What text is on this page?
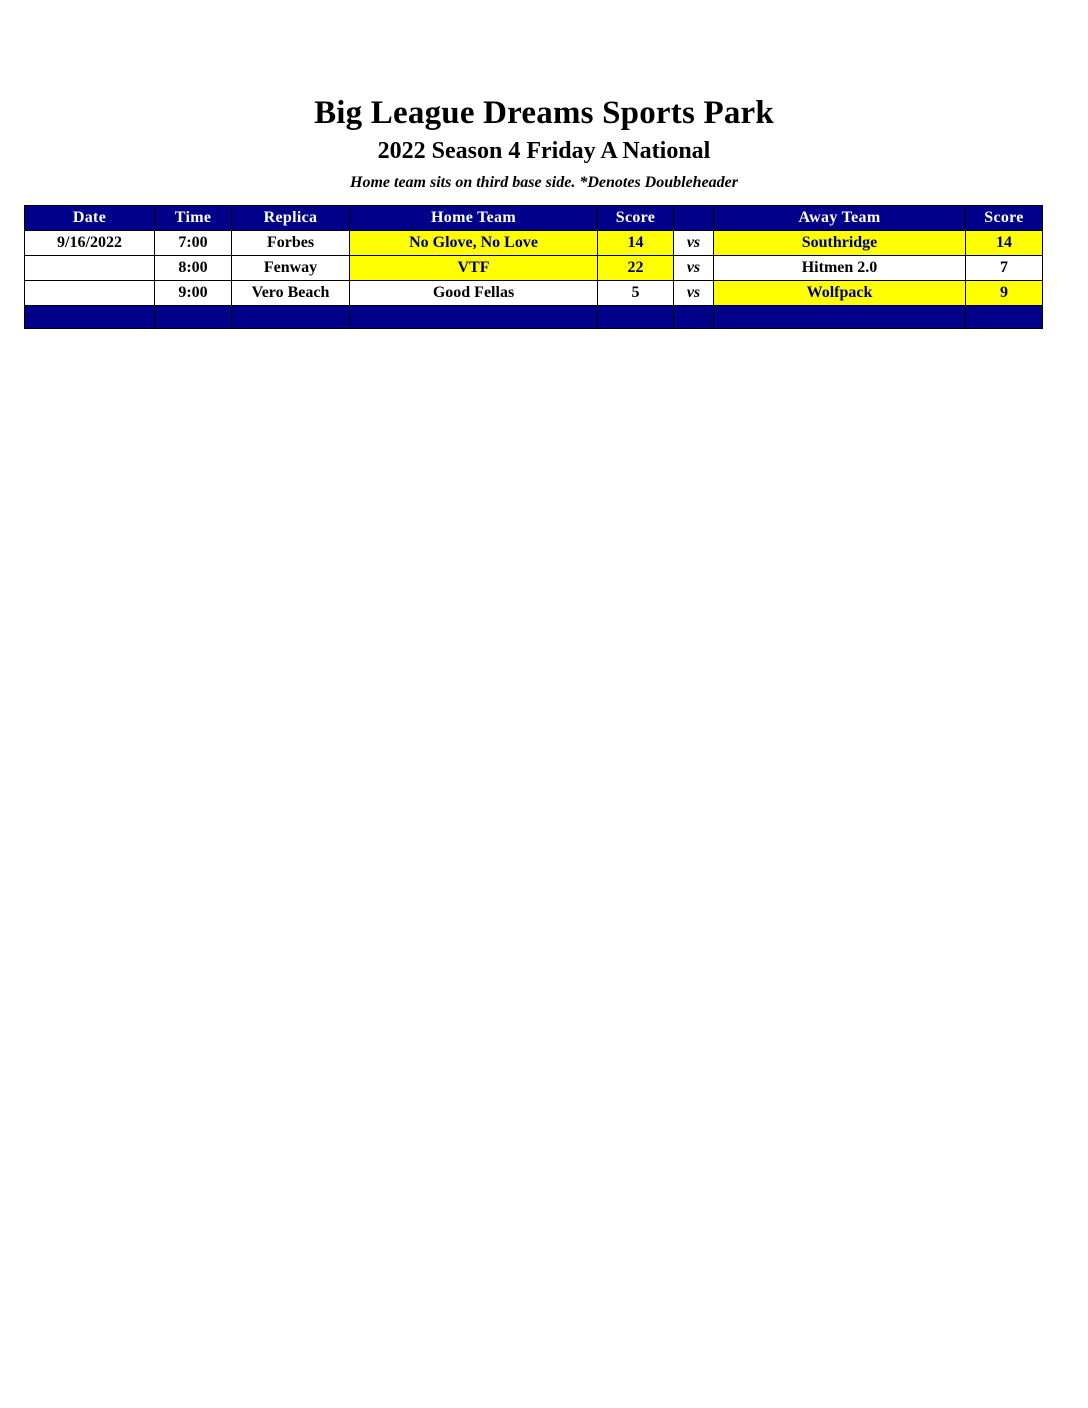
Big League Dreams Sports Park
2022 Season 4 Friday A National

Home team sits on third base side. *Denotes Doubleheader

Date	Time	Replica	Home Team	Score		Away Team	Score
9/16/2022	7:00	Forbes	No Glove, No Love	14	vs	Southridge	14
	8:00	Fenway	VTF	22	vs	Hitmen 2.0	7
	9:00	Vero Beach	Good Fellas	5	vs	Wolfpack	9
